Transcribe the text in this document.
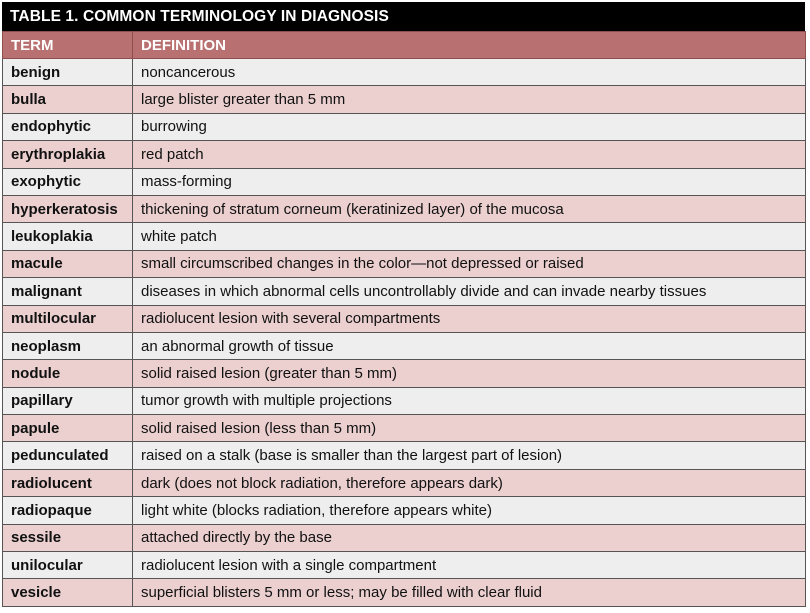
TABLE 1. COMMON TERMINOLOGY IN DIAGNOSIS
TERM	DEFINITION
benign	noncancerous
bulla	large blister greater than 5 mm
endophytic	burrowing
erythroplakia	red patch
exophytic	mass-forming
hyperkeratosis	thickening of stratum corneum (keratinized layer) of the mucosa
leukoplakia	white patch
macule	small circumscribed changes in the color—not depressed or raised
malignant	diseases in which abnormal cells uncontrollably divide and can invade nearby tissues
multilocular	radiolucent lesion with several compartments
neoplasm	an abnormal growth of tissue
nodule	solid raised lesion (greater than 5 mm)
papillary	tumor growth with multiple projections
papule	solid raised lesion (less than 5 mm)
pedunculated	raised on a stalk (base is smaller than the largest part of lesion)
radiolucent	dark (does not block radiation, therefore appears dark)
radiopaque	light white (blocks radiation, therefore appears white)
sessile	attached directly by the base
unilocular	radiolucent lesion with a single compartment
vesicle	superficial blisters 5 mm or less; may be filled with clear fluid
